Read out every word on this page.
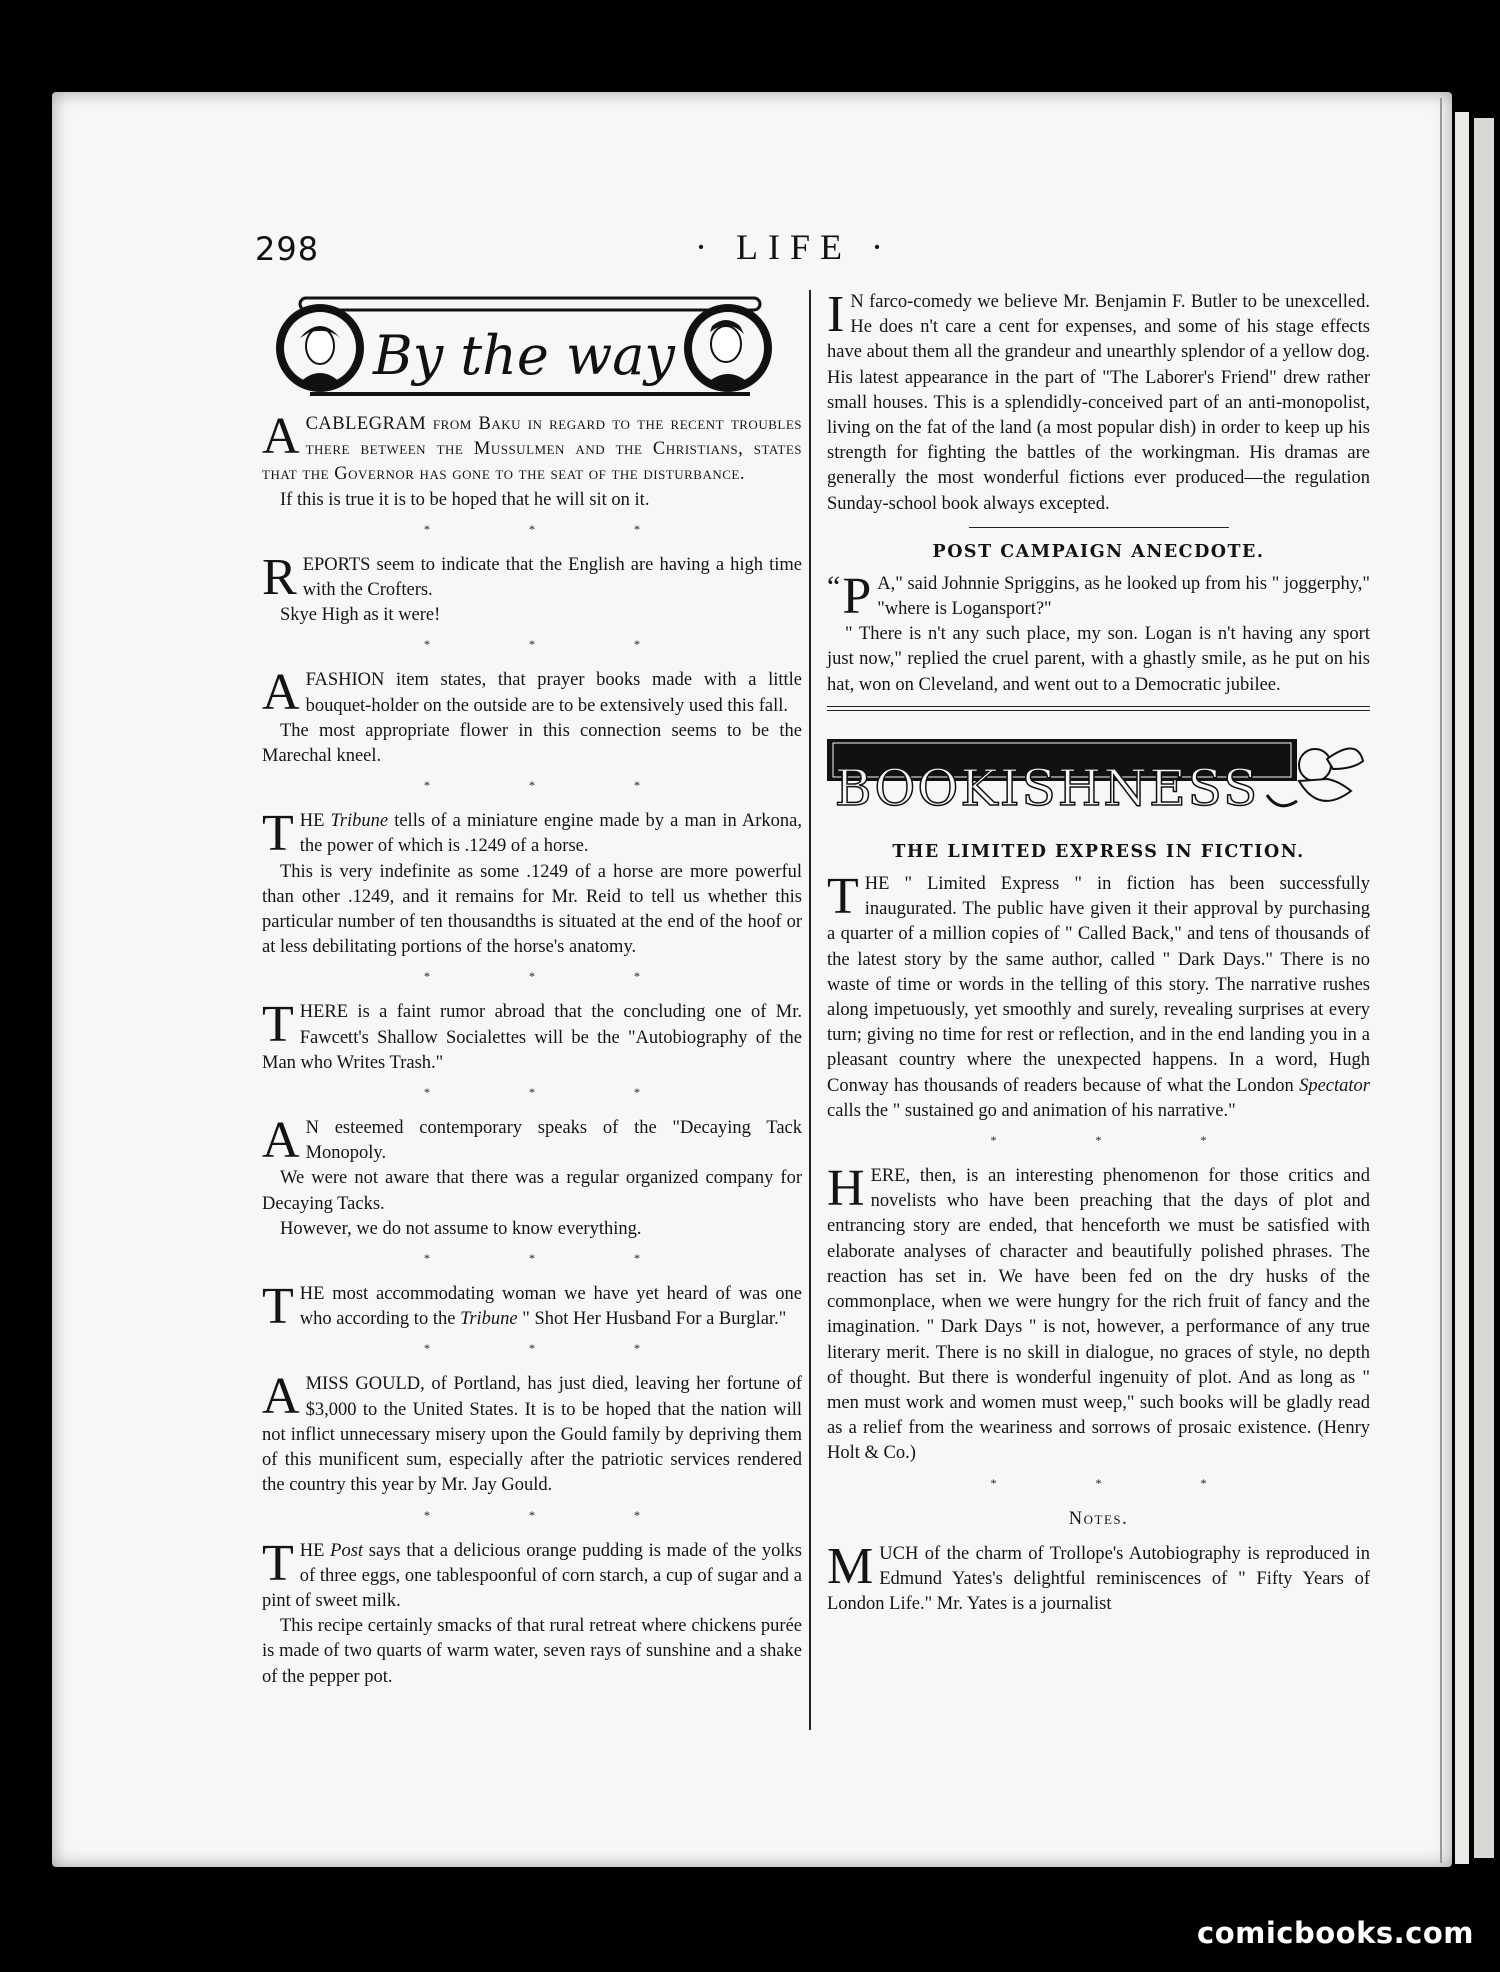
298	· LIFE ·
By the way

ACABLEGRAM from Baku in regard to the recent troubles there between the Mussulmen and the Christians, states that the Governor has gone to the seat of the disturbance.

If this is true it is to be hoped that he will sit on it.

* * *

REPORTS seem to indicate that the English are having a high time with the Crofters.

Skye High as it were!

* * *

AFASHION item states, that prayer books made with a little bouquet-holder on the outside are to be extensively used this fall.

The most appropriate flower in this connection seems to be the Marechal kneel.

* * *

THE Tribune tells of a miniature engine made by a man in Arkona, the power of which is .1249 of a horse.

This is very indefinite as some .1249 of a horse are more powerful than other .1249, and it remains for Mr. Reid to tell us whether this particular number of ten thousandths is situated at the end of the hoof or at less debilitating portions of the horse's anatomy.

* * *

THERE is a faint rumor abroad that the concluding one of Mr. Fawcett's Shallow Socialettes will be the "Autobiography of the Man who Writes Trash."

* * *

A N esteemed contemporary speaks of the "Decaying Tack Monopoly.

We were not aware that there was a regular organized company for Decaying Tacks.

However, we do not assume to know everything.

* * *

THE most accommodating woman we have yet heard of was one who according to the Tribune " Shot Her Husband For a Burglar."

* * *

AMISS GOULD, of Portland, has just died, leaving her fortune of $3,000 to the United States. It is to be hoped that the nation will not inflict unnecessary misery upon the Gould family by depriving them of this munificent sum, especially after the patriotic services rendered the country this year by Mr. Jay Gould.

* * *

THE Post says that a delicious orange pudding is made of the yolks of three eggs, one tablespoonful of corn starch, a cup of sugar and a pint of sweet milk.

This recipe certainly smacks of that rural retreat where chickens purée is made of two quarts of warm water, seven rays of sunshine and a shake of the pepper pot.

I N farco-comedy we believe Mr. Benjamin F. Butler to be unexcelled. He does n't care a cent for expenses, and some of his stage effects have about them all the grandeur and unearthly splendor of a yellow dog. His latest appearance in the part of "The Laborer's Friend" drew rather small houses. This is a splendidly-conceived part of an anti-monopolist, living on the fat of the land (a most popular dish) in order to keep up his strength for fighting the battles of the workingman. His dramas are generally the most wonderful fictions ever produced—the regulation Sunday-school book always excepted.

POST CAMPAIGN ANECDOTE.

“ P A," said Johnnie Spriggins, as he looked up from his " joggerphy," "where is Logansport?"

" There is n't any such place, my son. Logan is n't having any sport just now," replied the cruel parent, with a ghastly smile, as he put on his hat, won on Cleveland, and went out to a Democratic jubilee.

BOOKISHNESS
THE LIMITED EXPRESS IN FICTION.

THE " Limited Express " in fiction has been successfully inaugurated. The public have given it their approval by purchasing a quarter of a million copies of " Called Back," and tens of thousands of the latest story by the same author, called " Dark Days." There is no waste of time or words in the telling of this story. The narrative rushes along impetuously, yet smoothly and surely, revealing surprises at every turn; giving no time for rest or reflection, and in the end landing you in a pleasant country where the unexpected happens. In a word, Hugh Conway has thousands of readers because of what the London Spectator calls the " sustained go and animation of his narrative."

* * *

HERE, then, is an interesting phenomenon for those critics and novelists who have been preaching that the days of plot and entrancing story are ended, that henceforth we must be satisfied with elaborate analyses of character and beautifully polished phrases. The reaction has set in. We have been fed on the dry husks of the commonplace, when we were hungry for the rich fruit of fancy and the imagination. " Dark Days " is not, however, a performance of any true literary merit. There is no skill in dialogue, no graces of style, no depth of thought. But there is wonderful ingenuity of plot. And as long as " men must work and women must weep," such books will be gladly read as a relief from the weariness and sorrows of prosaic existence. (Henry Holt & Co.)

* * *
Notes.

MUCH of the charm of Trollope's Autobiography is reproduced in Edmund Yates's delightful reminiscences of " Fifty Years of London Life." Mr. Yates is a journalist

comicbooks.com
